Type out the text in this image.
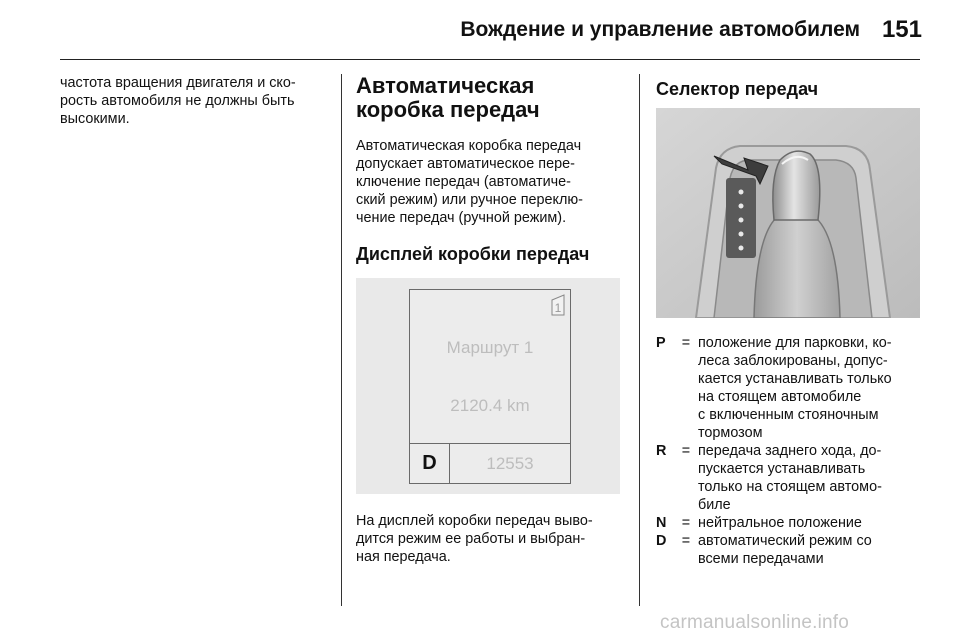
Вождение и управление автомобилем 151

частота вращения двигателя и ско-
рость автомобиля не должны быть
высокими.

Автоматическая
коробка передач

Автоматическая коробка передач
допускает автоматическое пере-
ключение передач (автоматиче-
ский режим) или ручное переклю-
чение передач (ручной режим).

Дисплей коробки передач
1
Маршрут 1
2120.4 km
D	12553

На дисплей коробки передач выво-
дится режим ее работы и выбран-
ная передача.

Селектор передач
P	= положение для парковки, ко-
леса заблокированы, допус-
кается устанавливать только
на стоящем автомобиле
с включенным стояночным
тормозом
R	= передача заднего хода, до-
пускается устанавливать
только на стоящем автомо-
биле
N	= нейтральное положение
D	= автоматический режим со
всеми передачами
carmanualsonline.info
